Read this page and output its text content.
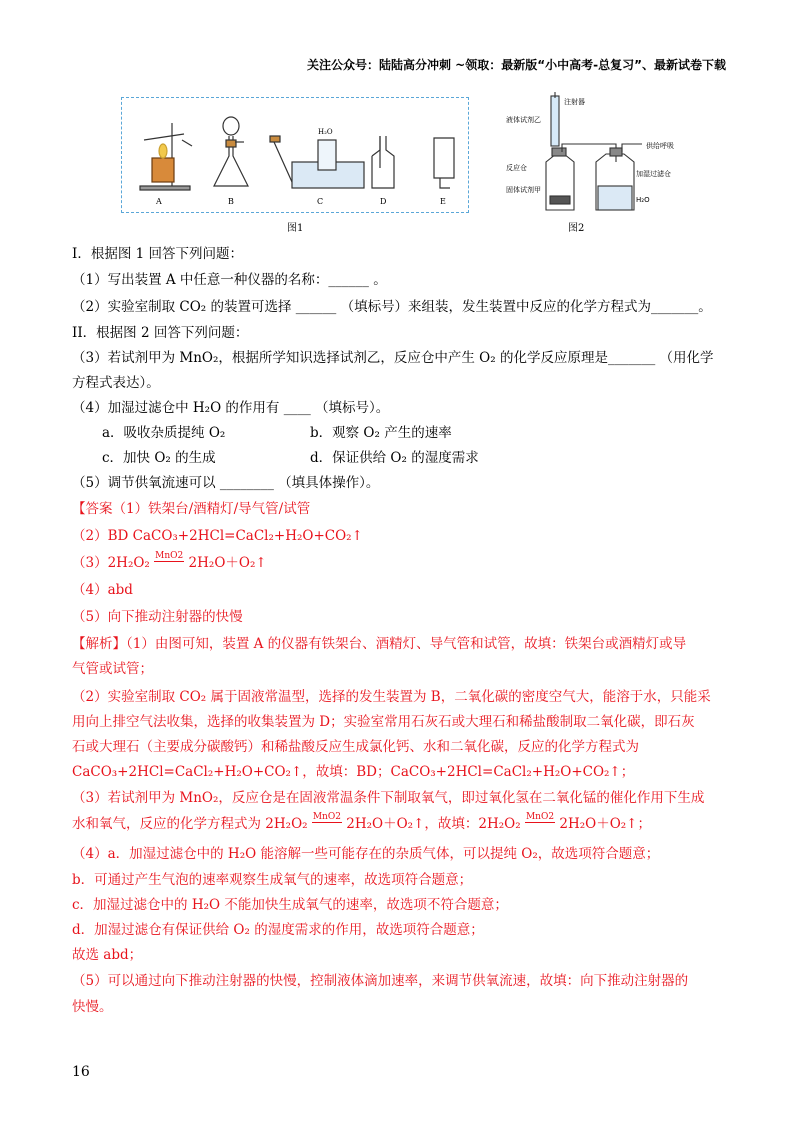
关注公众号：陆陆高分冲刺 ~领取：最新版“小中高考-总复习”、最新试卷下载
A	B	C	D	E
H₂O
图1
液体试剂乙
注射器
供给呼吸
反应仓
固体试剂甲
加湿过滤仓
H₂O
图2
I．根据图 1 回答下列问题：
（1）写出装置 A 中任意一种仪器的名称：______ 。
（2）实验室制取 CO₂ 的装置可选择 ______ （填标号）来组装，发生装置中反应的化学方程式为_______。
II．根据图 2 回答下列问题：
（3）若试剂甲为 MnO₂，根据所学知识选择试剂乙，反应仓中产生 O₂ 的化学反应原理是_______ （用化学
方程式表达）。
（4）加湿过滤仓中 H₂O 的作用有 ____ （填标号）。
a．吸收杂质提纯 O₂	b．观察 O₂ 产生的速率
c．加快 O₂ 的生成	d．保证供给 O₂ 的湿度需求
（5）调节供氧流速可以 ________ （填具体操作）。
【答案（1）铁架台/酒精灯/导气管/试管
（2）BD CaCO₃+2HCl=CaCl₂+H₂O+CO₂↑
（3）2H₂O₂ MnO2 2H₂O＋O₂↑
（4）abd
（5）向下推动注射器的快慢
【解析】（1）由图可知，装置 A 的仪器有铁架台、酒精灯、导气管和试管，故填：铁架台或酒精灯或导
气管或试管；
（2）实验室制取 CO₂ 属于固液常温型，选择的发生装置为 B，二氧化碳的密度空气大，能溶于水，只能采
用向上排空气法收集，选择的收集装置为 D；实验室常用石灰石或大理石和稀盐酸制取二氧化碳，即石灰
石或大理石（主要成分碳酸钙）和稀盐酸反应生成氯化钙、水和二氧化碳，反应的化学方程式为
CaCO₃+2HCl=CaCl₂+H₂O+CO₂↑，故填：BD；CaCO₃+2HCl=CaCl₂+H₂O+CO₂↑；
（3）若试剂甲为 MnO₂，反应仓是在固液常温条件下制取氧气，即过氧化氢在二氧化锰的催化作用下生成
水和氧气，反应的化学方程式为 2H₂O₂ MnO2 2H₂O＋O₂↑，故填：2H₂O₂ MnO2 2H₂O＋O₂↑；
（4）a．加湿过滤仓中的 H₂O 能溶解一些可能存在的杂质气体，可以提纯 O₂，故选项符合题意；
b．可通过产生气泡的速率观察生成氧气的速率，故选项符合题意；
c．加湿过滤仓中的 H₂O 不能加快生成氧气的速率，故选项不符合题意；
d．加湿过滤仓有保证供给 O₂ 的湿度需求的作用，故选项符合题意；
故选 abd；
（5）可以通过向下推动注射器的快慢，控制液体滴加速率，来调节供氧流速，故填：向下推动注射器的
快慢。
16
